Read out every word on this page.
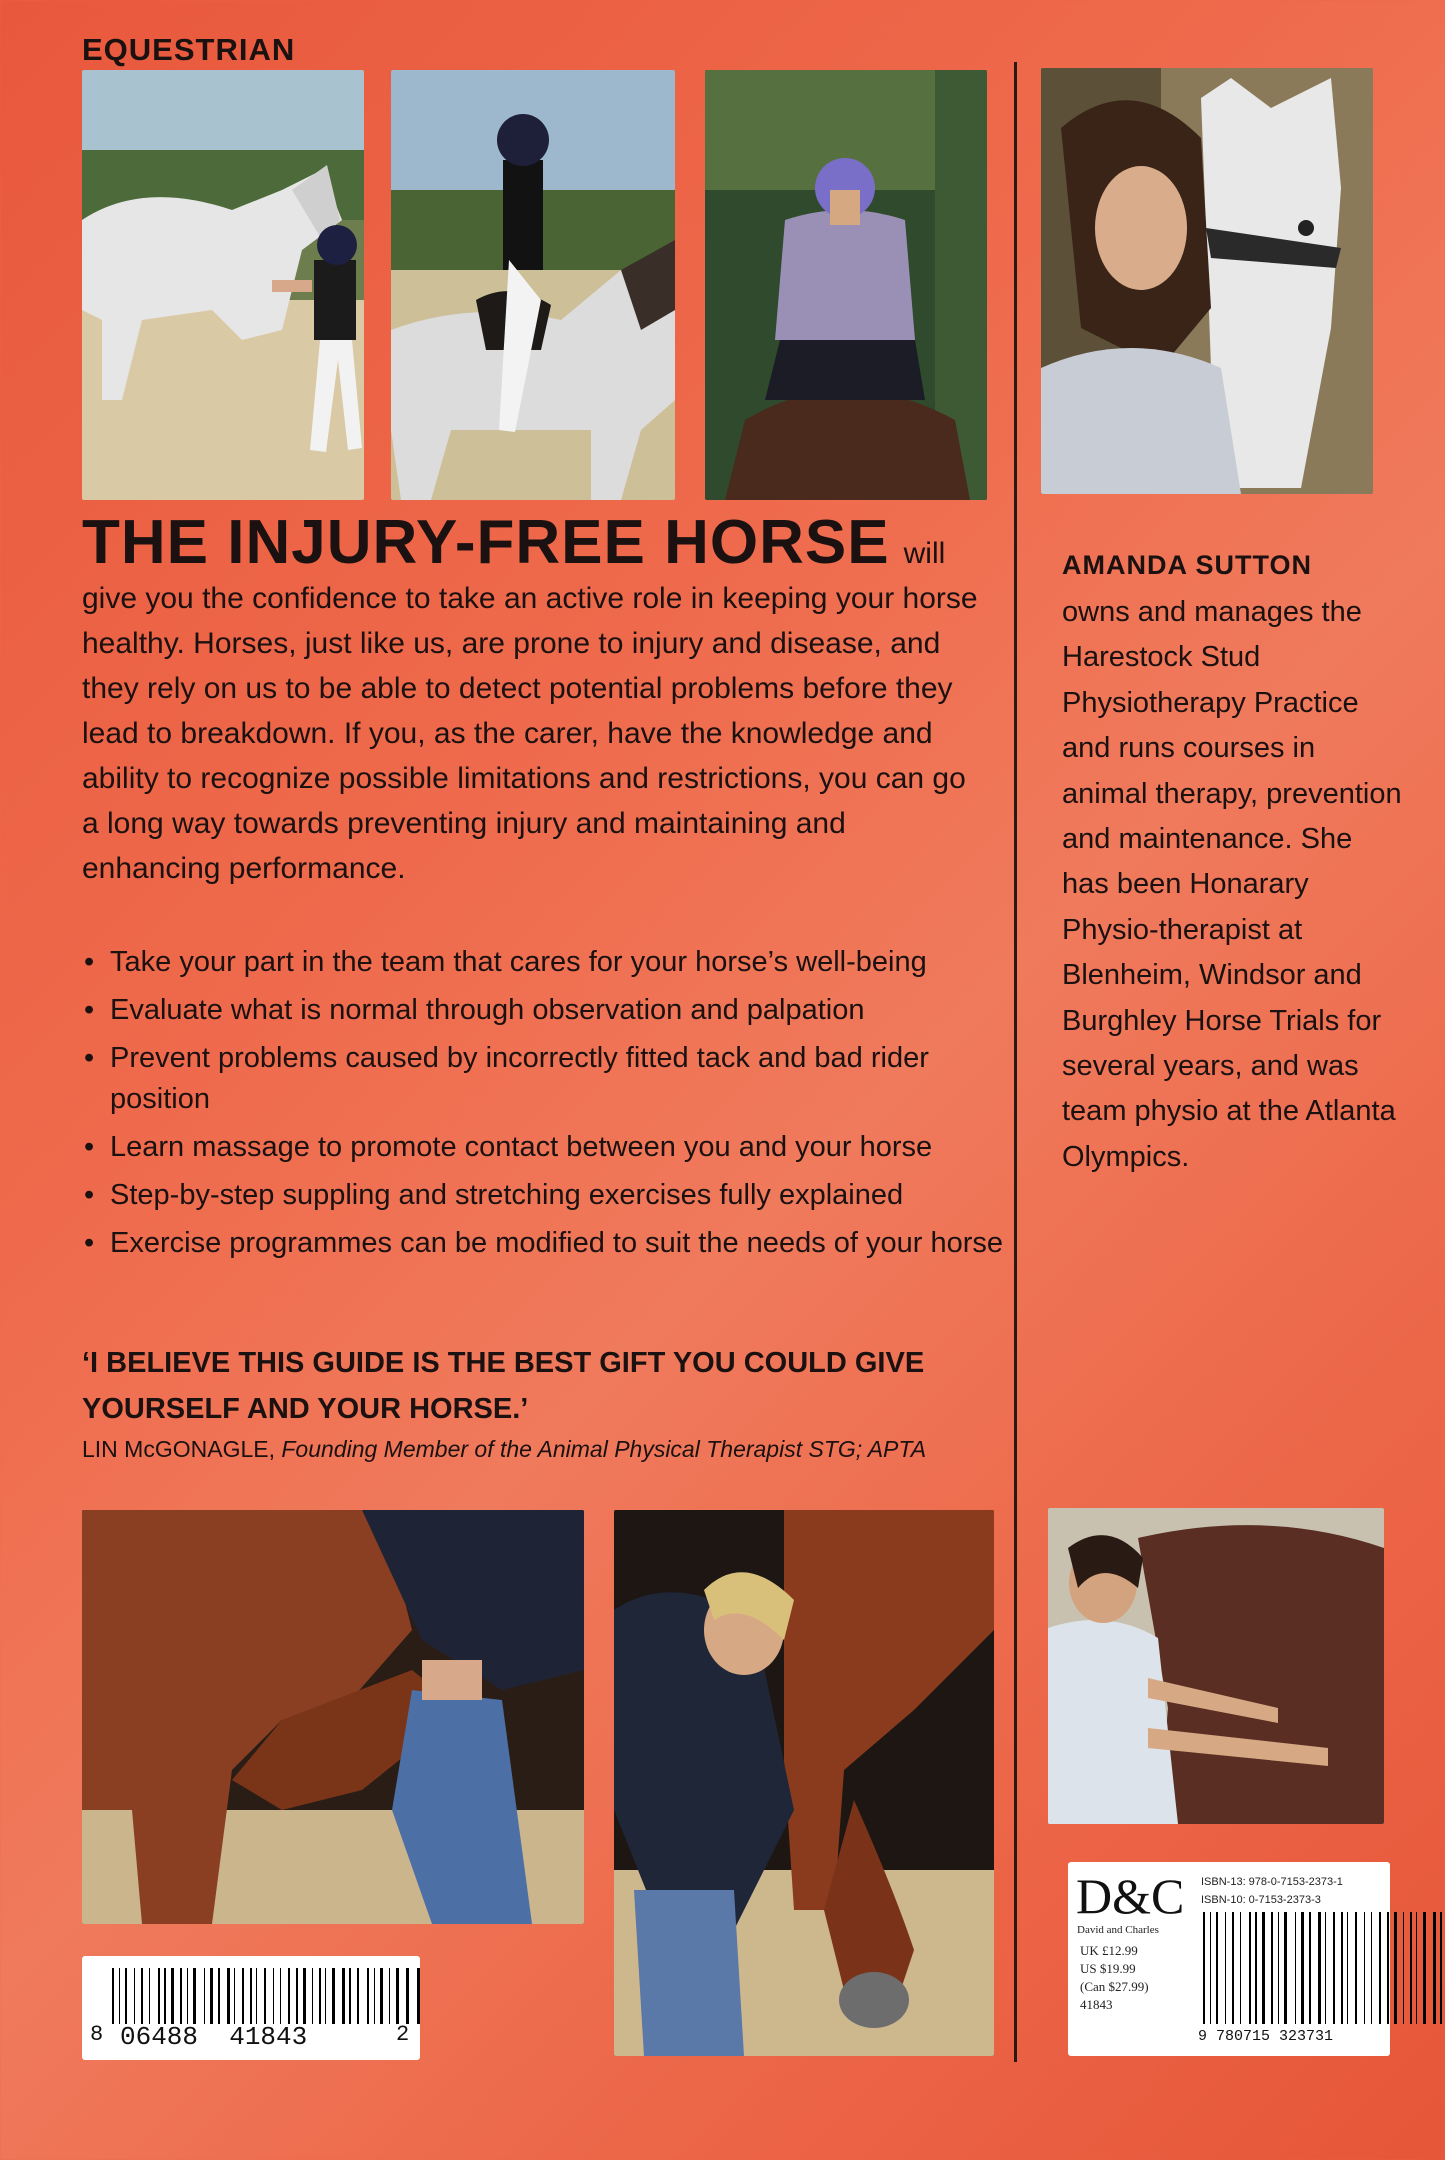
EQUESTRIAN
THE INJURY-FREE HORSE will give you the confidence to take an active role in keeping your horse healthy. Horses, just like us, are prone to injury and disease, and they rely on us to be able to detect potential problems before they lead to breakdown. If you, as the carer, have the knowledge and ability to recognize possible limitations and restrictions, you can go a long way towards preventing injury and maintaining and enhancing performance.
• Take your part in the team that cares for your horse’s well-being
• Evaluate what is normal through observation and palpation
• Prevent problems caused by incorrectly fitted tack and bad rider position
• Learn massage to promote contact between you and your horse
• Step-by-step suppling and stretching exercises fully explained
• Exercise programmes can be modified to suit the needs of your horse
‘I BELIEVE THIS GUIDE IS THE BEST GIFT YOU COULD GIVE YOURSELF AND YOUR HORSE.’
LIN McGONAGLE, Founding Member of the Animal Physical Therapist STG; APTA
AMANDA SUTTON
owns and manages the Harestock Stud Physiotherapy Practice and runs courses in animal therapy, prevention and maintenance. She has been Honarary Physio-therapist at Blenheim, Windsor and Burghley Horse Trials for several years, and was team physio at the Atlanta Olympics.
D&C
David and Charles
UK £12.99
US $19.99
(Can $27.99)
41843
ISBN-13: 978-0-7153-2373-1
ISBN-10: 0-7153-2373-3
9 780715 323731
8 06488  41843	2
